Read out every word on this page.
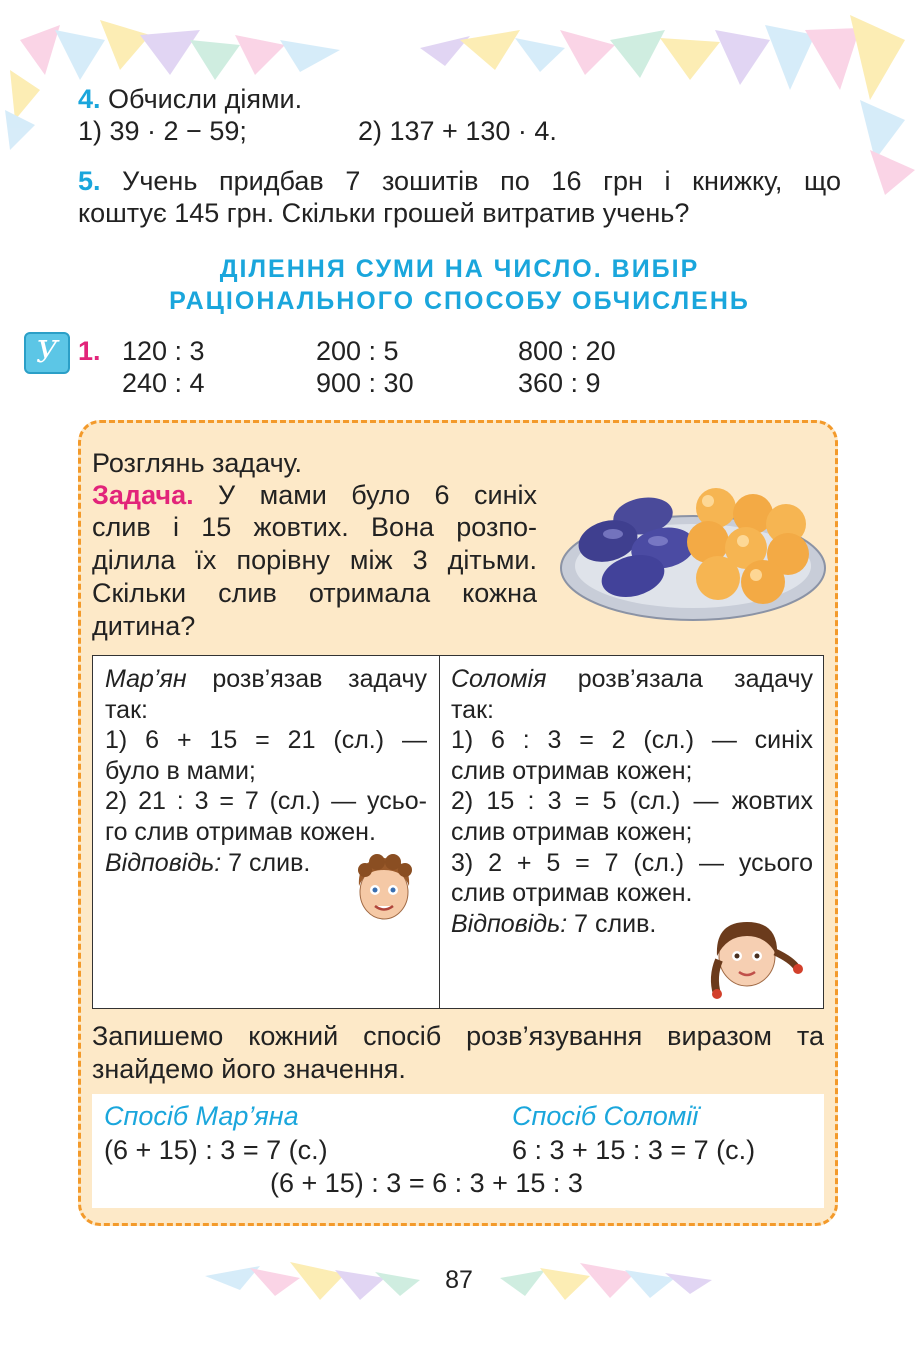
4. Обчисли діями.
1) 39 · 2 − 59;	2) 137 + 130 · 4.
5. Учень придбав 7 зошитів по 16 грн і книжку, що
коштує 145 грн. Скільки грошей витратив учень?
ДІЛЕННЯ СУМИ НА ЧИСЛО. ВИБІР
РАЦІОНАЛЬНОГО СПОСОБУ ОБЧИСЛЕНЬ
У 1. 120 : 3	200 : 5	800 : 20
240 : 4	900 : 30	360 : 9
Розглянь задачу.
Задача. У мами було 6 синіх
слив і 15 жовтих. Вона розпо-
ділила їх порівну між 3 дітьми.
Скільки слив отримала кожна
дитина?
Мар’ян розв’язав задачу
так:
1) 6 + 15 = 21 (сл.) —
було в мами;
2) 21 : 3 = 7 (сл.) — усьо-
го слив отримав кожен.
Відповідь: 7 слив.
Соломія розв’язала задачу
так:
1) 6 : 3 = 2 (сл.) — синіх
слив отримав кожен;
2) 15 : 3 = 5 (сл.) — жовтих
слив отримав кожен;
3) 2 + 5 = 7 (сл.) — усього
слив отримав кожен.
Відповідь: 7 слив.
Запишемо кожний спосіб розв’язування виразом та
знайдемо його значення.
Спосіб Мар’яна	Спосіб Соломії
(6 + 15) : 3 = 7 (с.)	6 : 3 + 15 : 3 = 7 (с.)
(6 + 15) : 3 = 6 : 3 + 15 : 3
87
